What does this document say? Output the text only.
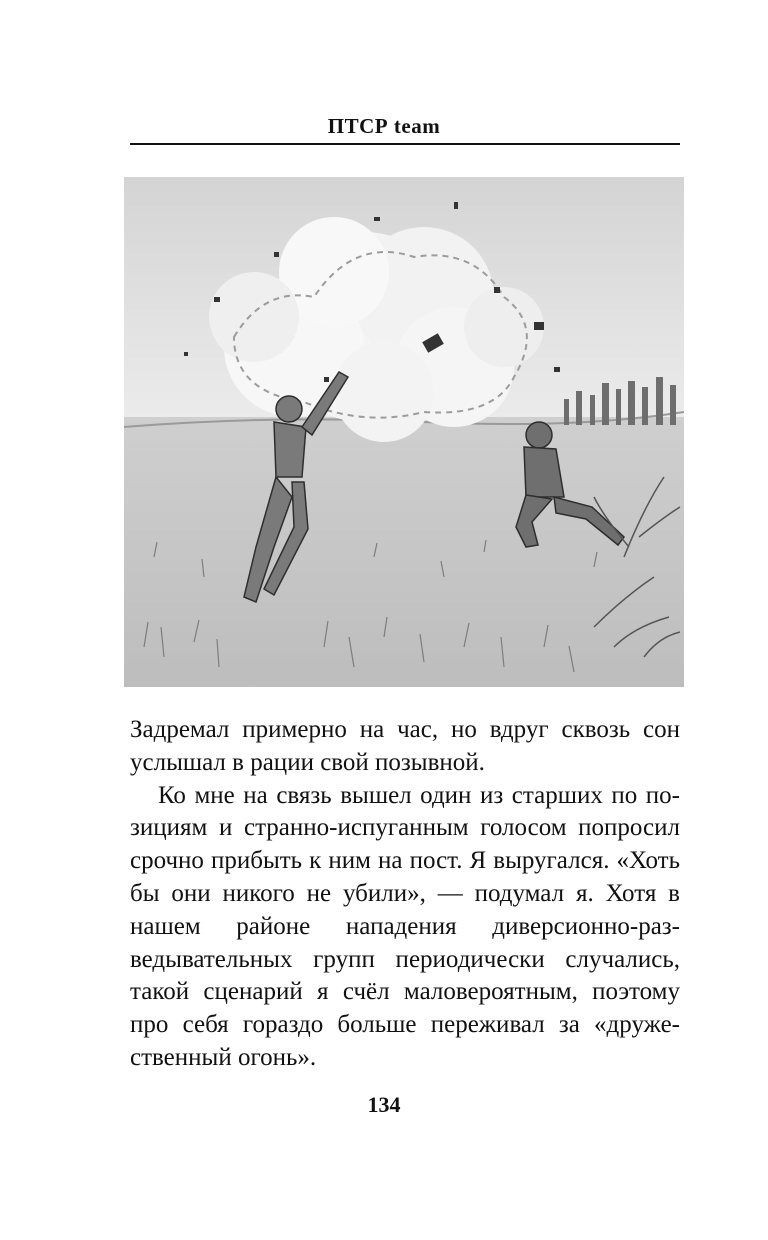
ПТСР team

Задремал примерно на час, но вдруг сквозь сон услышал в рации свой позывной.

Ко мне на связь вышел один из старших по позициям и странно-испуганным голосом попросил срочно прибыть к ним на пост. Я выругался. «Хоть бы они никого не убили», — подумал я. Хотя в нашем районе нападения диверсионно-разведывательных групп периодически случались, такой сценарий я счёл маловероятным, поэтому про себя гораздо больше переживал за «дружественный огонь».

134
